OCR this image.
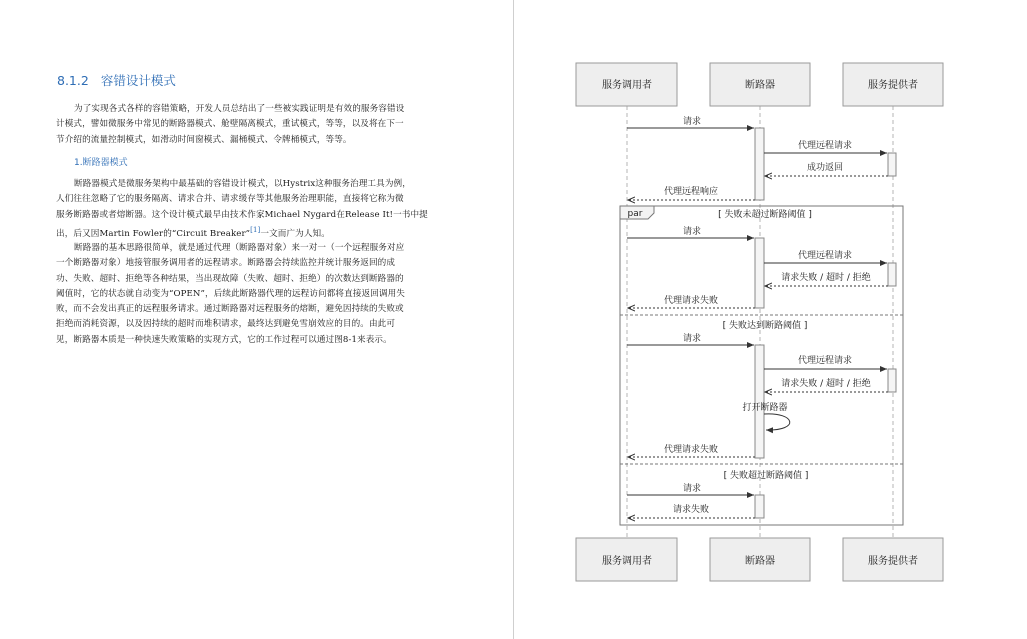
8.1.2 容错设计模式
为了实现各式各样的容错策略，开发人员总结出了一些被实践证明是有效的服务容错设
计模式，譬如微服务中常见的断路器模式、舱壁隔离模式，重试模式，等等，以及将在下一
节介绍的流量控制模式，如滑动时间窗模式、漏桶模式、令牌桶模式，等等。
1.断路器模式
断路器模式是微服务架构中最基础的容错设计模式，以Hystrix这种服务治理工具为例，
人们往往忽略了它的服务隔离、请求合并、请求缓存等其他服务治理职能，直接将它称为微
服务断路器或者熔断器。这个设计模式最早由技术作家Michael Nygard在Release It!一书中提
出，后又因Martin Fowler的“Circuit Breaker”[1]一文而广为人知。
断路器的基本思路很简单，就是通过代理（断路器对象）来一对一（一个远程服务对应
一个断路器对象）地接管服务调用者的远程请求。断路器会持续监控并统计服务返回的成
功、失败、超时、拒绝等各种结果，当出现故障（失败、超时、拒绝）的次数达到断路器的
阈值时，它的状态就自动变为“OPEN”，后续此断路器代理的远程访问都将直接返回调用失
败，而不会发出真正的远程服务请求。通过断路器对远程服务的熔断，避免因持续的失败或
拒绝而消耗资源，以及因持续的超时而堆积请求，最终达到避免雪崩效应的目的。由此可
见，断路器本质是一种快速失败策略的实现方式，它的工作过程可以通过图8-1来表示。
服务调用者	断路器	服务提供者
请求
代理远程请求
成功返回
代理远程响应
par	[ 失败未超过断路阈值 ]
请求
代理远程请求
请求失败 / 超时 / 拒绝
代理请求失败
[ 失败达到断路阈值 ]
请求
代理远程请求
请求失败 / 超时 / 拒绝
打开断路器
代理请求失败
[ 失败超过断路阈值 ]
请求
请求失败
服务调用者	断路器	服务提供者
